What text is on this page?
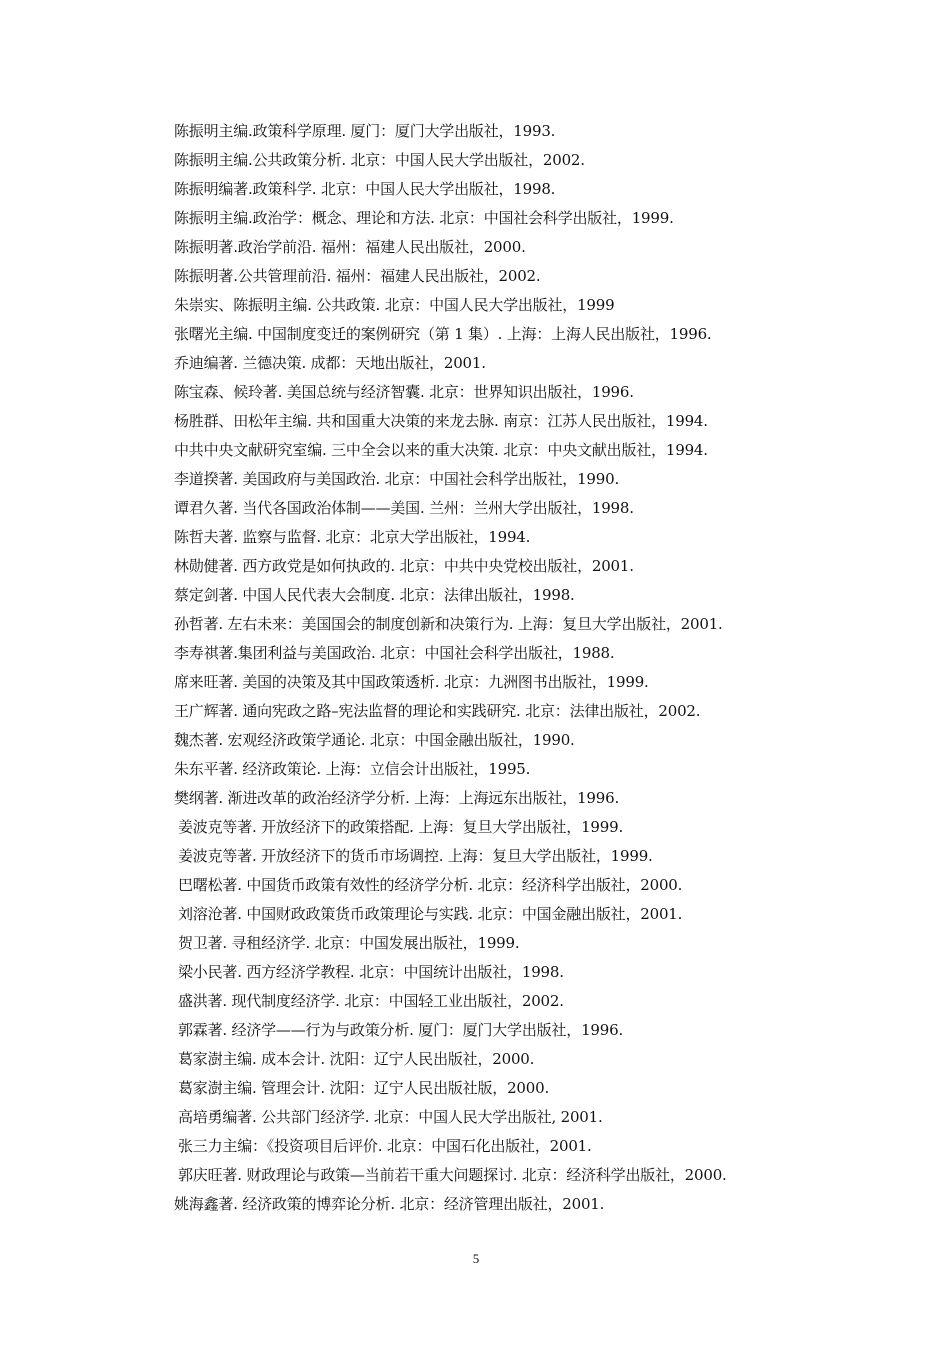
陈振明主编.政策科学原理. 厦门：厦门大学出版社，1993.
陈振明主编.公共政策分析. 北京：中国人民大学出版社，2002.
陈振明编著.政策科学. 北京：中国人民大学出版社，1998.
陈振明主编.政治学：概念、理论和方法. 北京：中国社会科学出版社，1999.
陈振明著.政治学前沿. 福州：福建人民出版社，2000.
陈振明著.公共管理前沿. 福州：福建人民出版社，2002.
朱崇实、陈振明主编. 公共政策. 北京：中国人民大学出版社，1999
张曙光主编. 中国制度变迁的案例研究（第 1 集）. 上海：上海人民出版社，1996.
乔迪编著. 兰德决策. 成都：天地出版社，2001.
陈宝森、候玲著. 美国总统与经济智囊. 北京：世界知识出版社，1996.
杨胜群、田松年主编. 共和国重大决策的来龙去脉. 南京：江苏人民出版社，1994.
中共中央文献研究室编. 三中全会以来的重大决策. 北京：中央文献出版社，1994.
李道揆著. 美国政府与美国政治. 北京：中国社会科学出版社，1990.
谭君久著. 当代各国政治体制——美国. 兰州：兰州大学出版社，1998.
陈哲夫著. 监察与监督. 北京：北京大学出版社，1994.
林勋健著. 西方政党是如何执政的. 北京：中共中央党校出版社，2001.
蔡定剑著. 中国人民代表大会制度. 北京：法律出版社，1998.
孙哲著. 左右未来：美国国会的制度创新和决策行为. 上海：复旦大学出版社，2001.
李寿祺著.集团利益与美国政治. 北京：中国社会科学出版社，1988.
席来旺著. 美国的决策及其中国政策透析. 北京：九洲图书出版社，1999.
王广辉著. 通向宪政之路–宪法监督的理论和实践研究. 北京：法律出版社，2002.
魏杰著. 宏观经济政策学通论. 北京：中国金融出版社，1990.
朱东平著. 经济政策论. 上海：立信会计出版社，1995.
樊纲著. 渐进改革的政治经济学分析. 上海：上海远东出版社，1996.
姜波克等著. 开放经济下的政策搭配. 上海：复旦大学出版社，1999.
姜波克等著. 开放经济下的货币市场调控. 上海：复旦大学出版社，1999.
巴曙松著. 中国货币政策有效性的经济学分析. 北京：经济科学出版社，2000.
刘溶沧著. 中国财政政策货币政策理论与实践. 北京：中国金融出版社，2001.
贺卫著. 寻租经济学. 北京：中国发展出版社，1999.
梁小民著. 西方经济学教程. 北京：中国统计出版社，1998.
盛洪著. 现代制度经济学. 北京：中国轻工业出版社，2002.
郭霖著. 经济学——行为与政策分析. 厦门：厦门大学出版社，1996.
葛家澍主编. 成本会计. 沈阳：辽宁人民出版社，2000.
葛家澍主编. 管理会计. 沈阳：辽宁人民出版社版，2000.
高培勇编著. 公共部门经济学. 北京：中国人民大学出版社, 2001.
张三力主编：《投资项目后评价. 北京：中国石化出版社，2001.
郭庆旺著. 财政理论与政策—当前若干重大问题探讨. 北京：经济科学出版社，2000.
姚海鑫著. 经济政策的博弈论分析. 北京：经济管理出版社，2001.
5
